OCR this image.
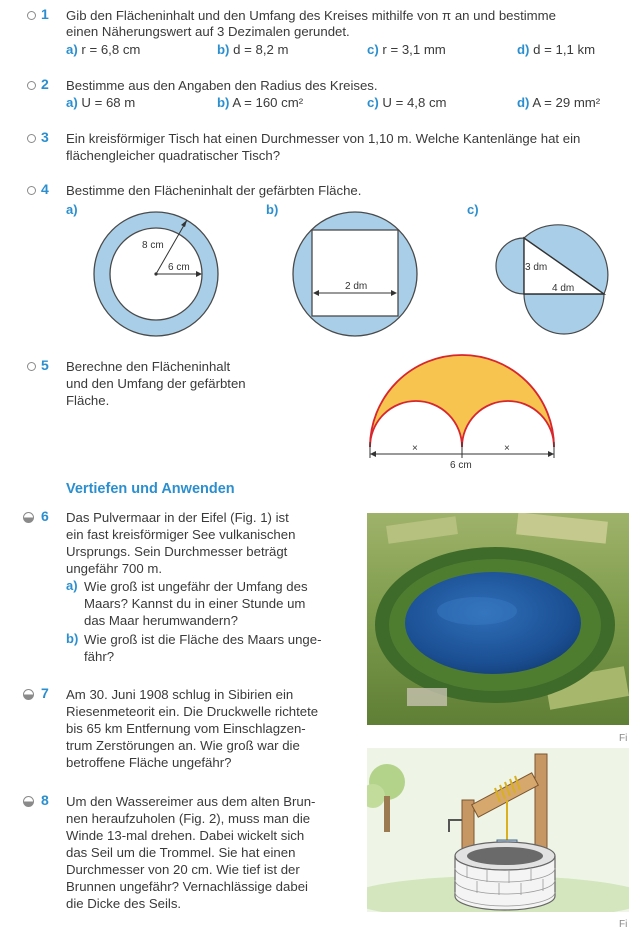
1 Gib den Flächeninhalt und den Umfang des Kreises mithilfe von π an und bestimme
einen Näherungswert auf 3 Dezimalen gerundet.
a) r = 6,8 cm	b) d = 8,2 m	c) r = 3,1 mm	d) d = 1,1 km
2 Bestimme aus den Angaben den Radius des Kreises.
a) U = 68 m	b) A = 160 cm²	c) U = 4,8 cm	d) A = 29 mm²
3 Ein kreisförmiger Tisch hat einen Durchmesser von 1,10 m. Welche Kantenlänge hat ein
flächengleicher quadratischer Tisch?
4 Bestimme den Flächeninhalt der gefärbten Fläche.
a)	b)	c)
8 cm
6 cm
2 dm
3 dm
4 dm
5 Berechne den Flächeninhalt
und den Umfang der gefärbten
Fläche.
×	×
6 cm
Vertiefen und Anwenden
6 Das Pulvermaar in der Eifel (Fig. 1) ist
ein fast kreisförmiger See vulkanischen
Ursprungs. Sein Durchmesser beträgt
ungefähr 700 m.
a) Wie groß ist ungefähr der Umfang des
Maars? Kannst du in einer Stunde um
das Maar herumwandern?
b) Wie groß ist die Fläche des Maars unge-
fähr?
Fi
7 Am 30. Juni 1908 schlug in Sibirien ein
Riesenmeteorit ein. Die Druckwelle richtete
bis 65 km Entfernung vom Einschlagzen-
trum Zerstörungen an. Wie groß war die
betroffene Fläche ungefähr?
8 Um den Wassereimer aus dem alten Brun-
nen heraufzuholen (Fig. 2), muss man die
Winde 13-mal drehen. Dabei wickelt sich
das Seil um die Trommel. Sie hat einen
Durchmesser von 20 cm. Wie tief ist der
Brunnen ungefähr? Vernachlässige dabei
die Dicke des Seils.
Fi
